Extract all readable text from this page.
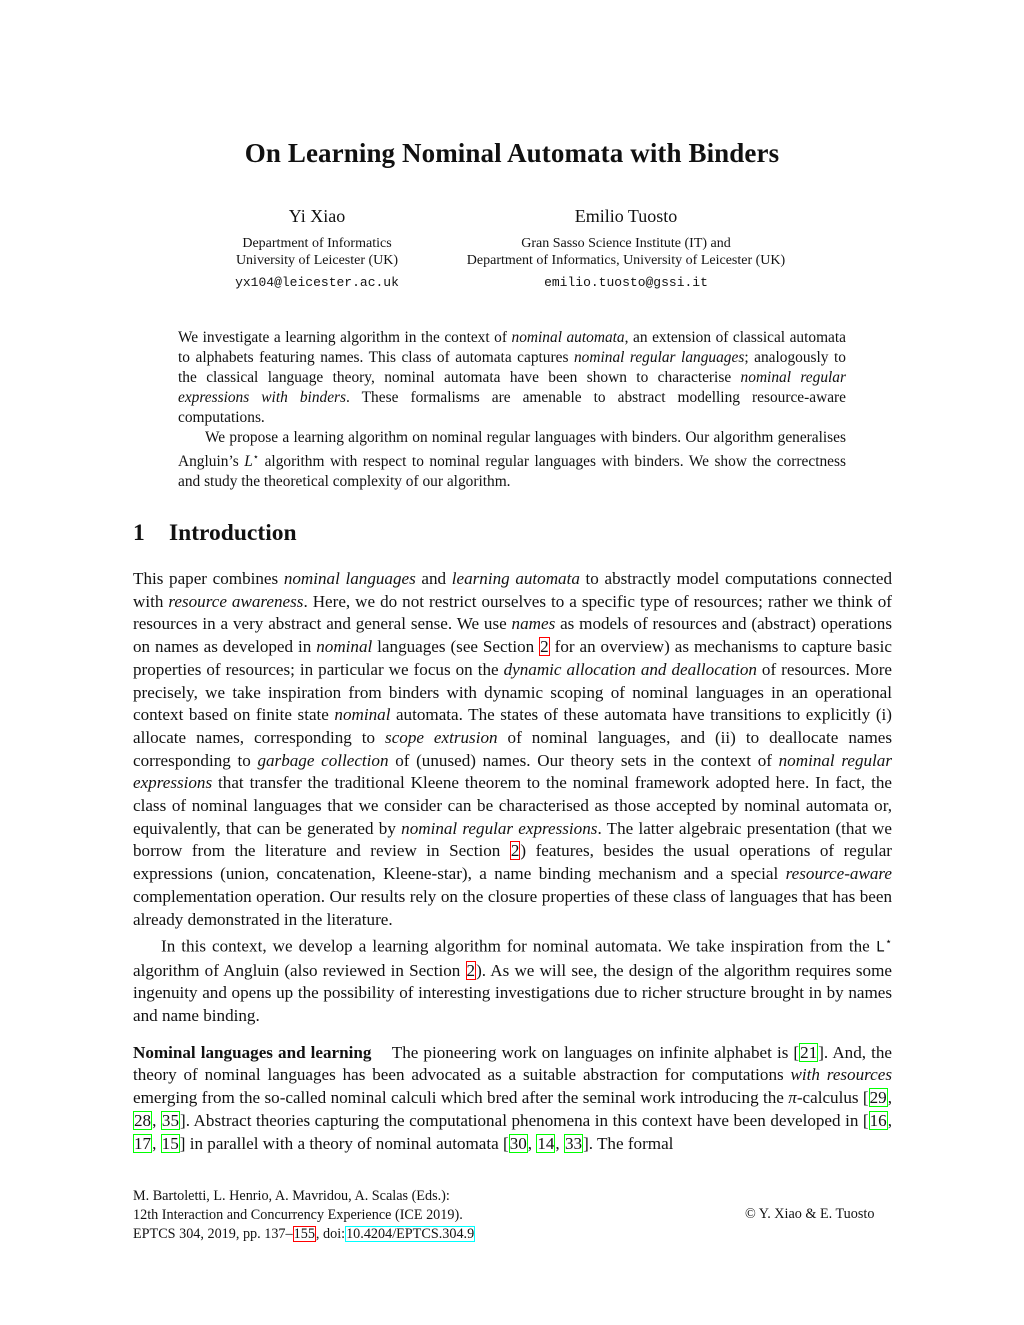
On Learning Nominal Automata with Binders
Yi Xiao
Department of Informatics
University of Leicester (UK)
yx104@leicester.ac.uk
Emilio Tuosto
Gran Sasso Science Institute (IT) and
Department of Informatics, University of Leicester (UK)
emilio.tuosto@gssi.it

We investigate a learning algorithm in the context of nominal automata, an extension of classical automata to alphabets featuring names. This class of automata captures nominal regular languages; analogously to the classical language theory, nominal automata have been shown to characterise nominal regular expressions with binders. These formalisms are amenable to abstract modelling resource-aware computations.

We propose a learning algorithm on nominal regular languages with binders. Our algorithm generalises Angluin’s L⋆ algorithm with respect to nominal regular languages with binders. We show the correctness and study the theoretical complexity of our algorithm.

1 Introduction

This paper combines nominal languages and learning automata to abstractly model computations connected with resource awareness. Here, we do not restrict ourselves to a specific type of resources; rather we think of resources in a very abstract and general sense. We use names as models of resources and (abstract) operations on names as developed in nominal languages (see Section 2 for an overview) as mechanisms to capture basic properties of resources; in particular we focus on the dynamic allocation and deallocation of resources. More precisely, we take inspiration from binders with dynamic scoping of nominal languages in an operational context based on finite state nominal automata. The states of these automata have transitions to explicitly (i) allocate names, corresponding to scope extrusion of nominal languages, and (ii) to deallocate names corresponding to garbage collection of (unused) names. Our theory sets in the context of nominal regular expressions that transfer the traditional Kleene theorem to the nominal framework adopted here. In fact, the class of nominal languages that we consider can be characterised as those accepted by nominal automata or, equivalently, that can be generated by nominal regular expressions. The latter algebraic presentation (that we borrow from the literature and review in Section 2) features, besides the usual operations of regular expressions (union, concatenation, Kleene-star), a name binding mechanism and a special resource-aware complementation operation. Our results rely on the closure properties of these class of languages that has been already demonstrated in the literature.

In this context, we develop a learning algorithm for nominal automata. We take inspiration from the L⋆ algorithm of Angluin (also reviewed in Section 2). As we will see, the design of the algorithm requires some ingenuity and opens up the possibility of interesting investigations due to richer structure brought in by names and name binding.

Nominal languages and learning The pioneering work on languages on infinite alphabet is [21]. And, the theory of nominal languages has been advocated as a suitable abstraction for computations with resources emerging from the so-called nominal calculi which bred after the seminal work introducing the π-calculus [29, 28, 35]. Abstract theories capturing the computational phenomena in this context have been developed in [16, 17, 15] in parallel with a theory of nominal automata [30, 14, 33]. The formal

M. Bartoletti, L. Henrio, A. Mavridou, A. Scalas (Eds.):
12th Interaction and Concurrency Experience (ICE 2019).
EPTCS 304, 2019, pp. 137–155, doi:10.4204/EPTCS.304.9
© Y. Xiao & E. Tuosto
